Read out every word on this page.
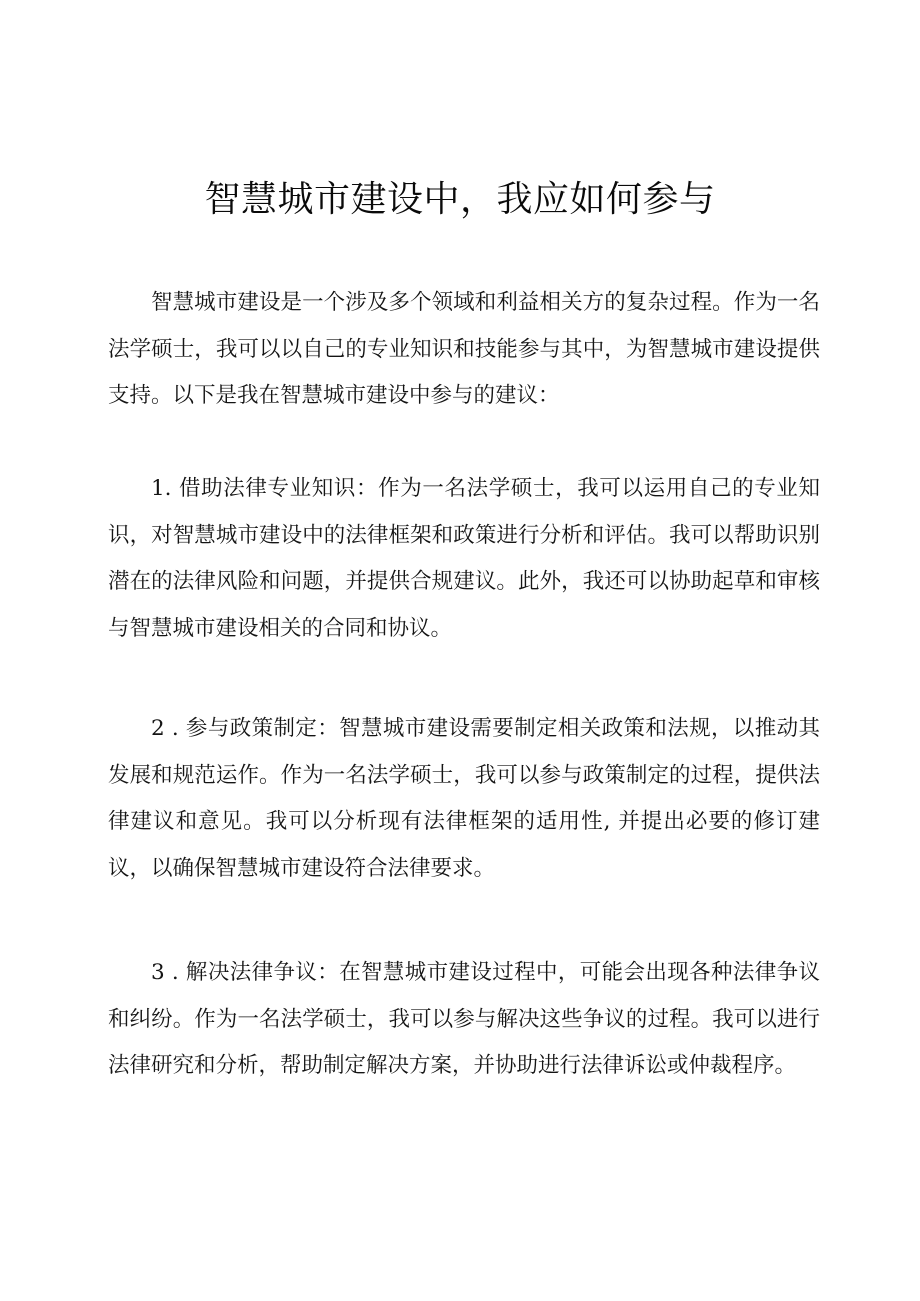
智慧城市建设中，我应如何参与

智慧城市建设是一个涉及多个领域和利益相关方的复杂过程。作为一名法学硕士，我可以以自己的专业知识和技能参与其中，为智慧城市建设提供支持。以下是我在智慧城市建设中参与的建议：

1. 借助法律专业知识：作为一名法学硕士，我可以运用自己的专业知识，对智慧城市建设中的法律框架和政策进行分析和评估。我可以帮助识别潜在的法律风险和问题，并提供合规建议。此外，我还可以协助起草和审核与智慧城市建设相关的合同和协议。

2 . 参与政策制定：智慧城市建设需要制定相关政策和法规，以推动其发展和规范运作。作为一名法学硕士，我可以参与政策制定的过程，提供法律建议和意见。我可以分析现有法律框架的适用性, 并提出必要的修订建议，以确保智慧城市建设符合法律要求。

3 . 解决法律争议：在智慧城市建设过程中，可能会出现各种法律争议和纠纷。作为一名法学硕士，我可以参与解决这些争议的过程。我可以进行法律研究和分析，帮助制定解决方案，并协助进行法律诉讼或仲裁程序。
